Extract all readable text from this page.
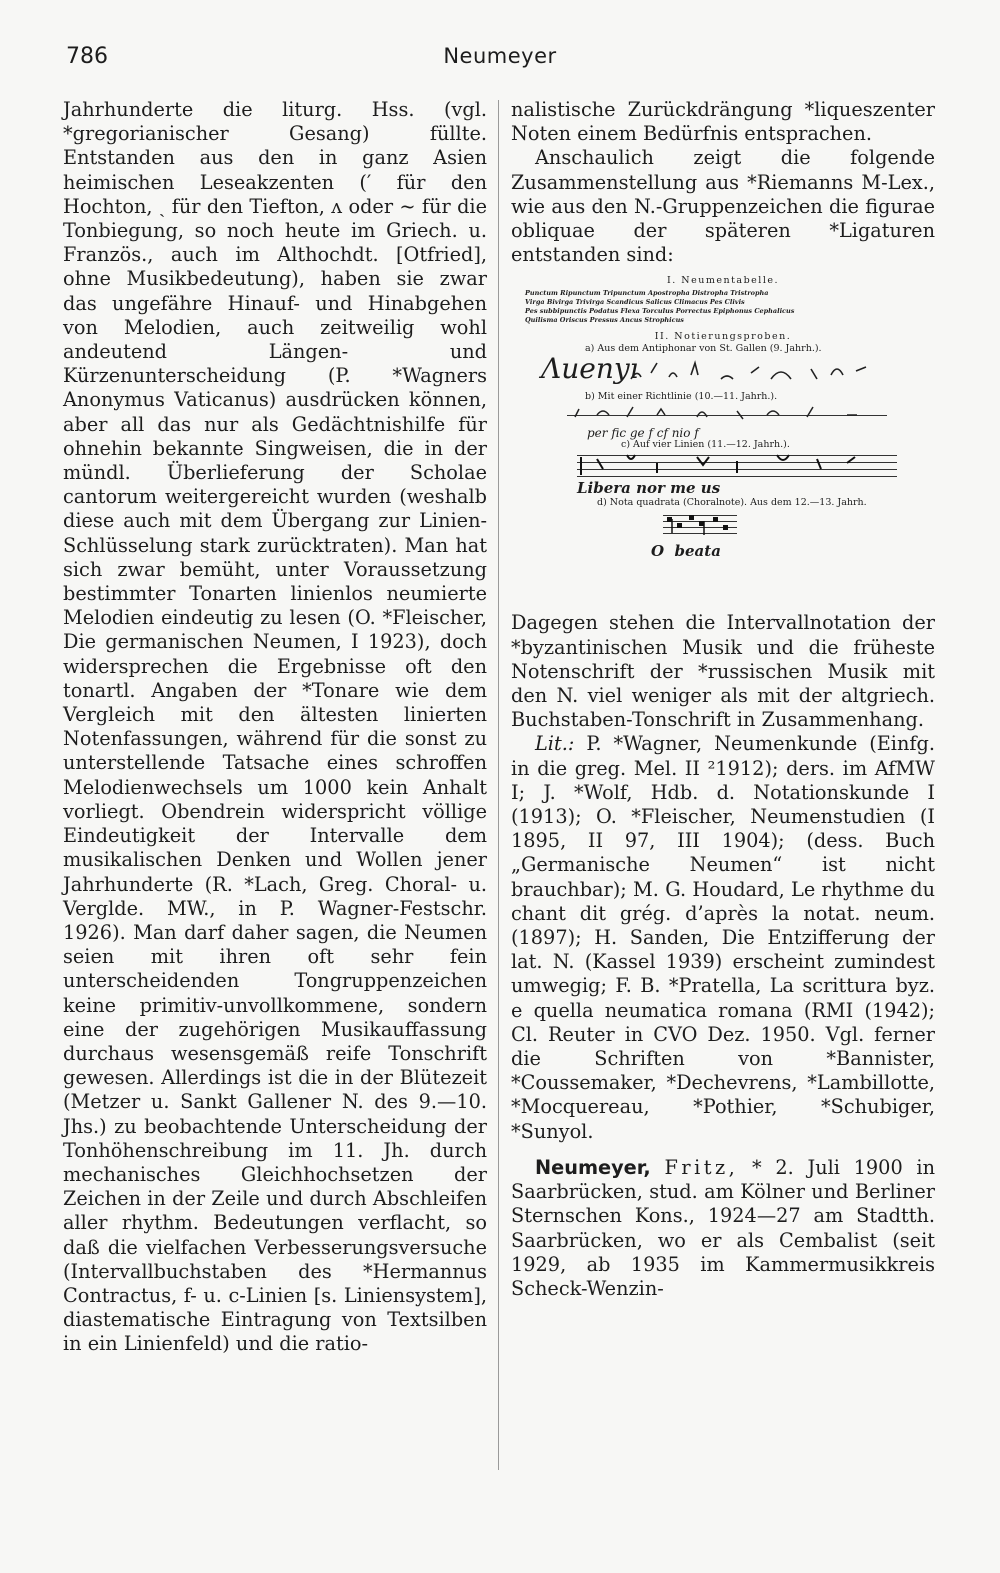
786	Neumeyer

Jahrhunderte die liturg. Hss. (vgl. *gregorianischer Gesang) füllte. Entstanden aus den in ganz Asien heimischen Leseakzenten (′ für den Hochton, ˎ für den Tiefton, ʌ oder ~ für die Tonbiegung, so noch heute im Griech. u. Französ., auch im Althochdt. [Otfried], ohne Musikbedeutung), haben sie zwar das ungefähre Hinauf- und Hinabgehen von Melodien, auch zeitweilig wohl andeutend Längen- und Kürzenunterscheidung (P. *Wagners Anonymus Vaticanus) ausdrücken können, aber all das nur als Gedächtnishilfe für ohnehin bekannte Singweisen, die in der mündl. Überlieferung der Scholae cantorum weitergereicht wurden (weshalb diese auch mit dem Übergang zur Linien-Schlüsselung stark zurücktraten). Man hat sich zwar bemüht, unter Voraussetzung bestimmter Tonarten linienlos neumierte Melodien eindeutig zu lesen (O. *Fleischer, Die germanischen Neumen, I 1923), doch widersprechen die Ergebnisse oft den tonartl. Angaben der *Tonare wie dem Vergleich mit den ältesten linierten Notenfassungen, während für die sonst zu unterstellende Tatsache eines schroffen Melodienwechsels um 1000 kein Anhalt vorliegt. Obendrein widerspricht völlige Eindeutigkeit der Intervalle dem musikalischen Denken und Wollen jener Jahrhunderte (R. *Lach, Greg. Choral- u. Vergldе. MW., in P. Wagner-Festschr. 1926). Man darf daher sagen, die Neumen seien mit ihren oft sehr fein unterscheidenden Tongruppenzeichen keine primitiv-unvollkommene, sondern eine der zugehörigen Musikauffassung durchaus wesensgemäß reife Tonschrift gewesen. Allerdings ist die in der Blütezeit (Metzer u. Sankt Gallener N. des 9.—10. Jhs.) zu beobachtende Unterscheidung der Tonhöhenschreibung im 11. Jh. durch mechanisches Gleichhochsetzen der Zeichen in der Zeile und durch Abschleifen aller rhythm. Bedeutungen verflacht, so daß die vielfachen Verbesserungsversuche (Intervallbuchstaben des *Hermannus Contractus, f- u. c-Linien [s. Liniensystem], diastematische Eintragung von Textsilben in ein Linienfeld) und die ratio-

nalistische Zurückdrängung *liqueszenter Noten einem Bedürfnis entsprachen.

Anschaulich zeigt die folgende Zusammenstellung aus *Riemanns M-Lex., wie aus den N.-Gruppenzeichen die figurae obliquae der späteren *Ligaturen entstanden sind:

I. Neumentabelle.
Punctum Ripunctum Tripunctum Apostropha Distropha Tristropha
Virga Bivirga Trivirga Scandicus Salicus Climacus Pes Clivis
Pes subbipunctis Podatus Flexa Torculus Porrectus Epiphonus Cephalicus
Quilisma Oriscus Pressus Ancus Strophicus
II. Notierungsproben.
a) Aus dem Antiphonar von St. Gallen (9. Jahrh.).
Λuenyı
b) Mit einer Richtlinie (10.—11. Jahrh.).
per fic ge f cf nio f
c) Auf vier Linien (11.—12. Jahrh.).
Libera nor me us
d) Nota quadrata (Choralnote). Aus dem 12.—13. Jahrh.
O  beata

Dagegen stehen die Intervallnotation der *byzantinischen Musik und die früheste Notenschrift der *russischen Musik mit den N. viel weniger als mit der altgriech. Buchstaben-Tonschrift in Zusammenhang.

Lit.: P. *Wagner, Neumenkunde (Einfg. in die greg. Mel. II ²1912); ders. im AfMW I; J. *Wolf, Hdb. d. Notationskunde I (1913); O. *Fleischer, Neumenstudien (I 1895, II 97, III 1904); (dess. Buch „Germanische Neumen“ ist nicht brauchbar); M. G. Houdard, Le rhythme du chant dit grég. d’après la notat. neum. (1897); H. Sanden, Die Entzifferung der lat. N. (Kassel 1939) erscheint zumindest umwegig; F. B. *Pratella, La scrittura byz. e quella neumatica romana (RMI (1942); Cl. Reuter in CVO Dez. 1950. Vgl. ferner die Schriften von *Bannister, *Coussemaker, *Dechevrens, *Lambillotte, *Mocquereau, *Pothier, *Schubiger, *Sunyol.

Neumeyer, Fritz, * 2. Juli 1900 in Saarbrücken, stud. am Kölner und Berliner Sternschen Kons., 1924—27 am Stadtth. Saarbrücken, wo er als Cembalist (seit 1929, ab 1935 im Kammermusikkreis Scheck-Wenzin-
